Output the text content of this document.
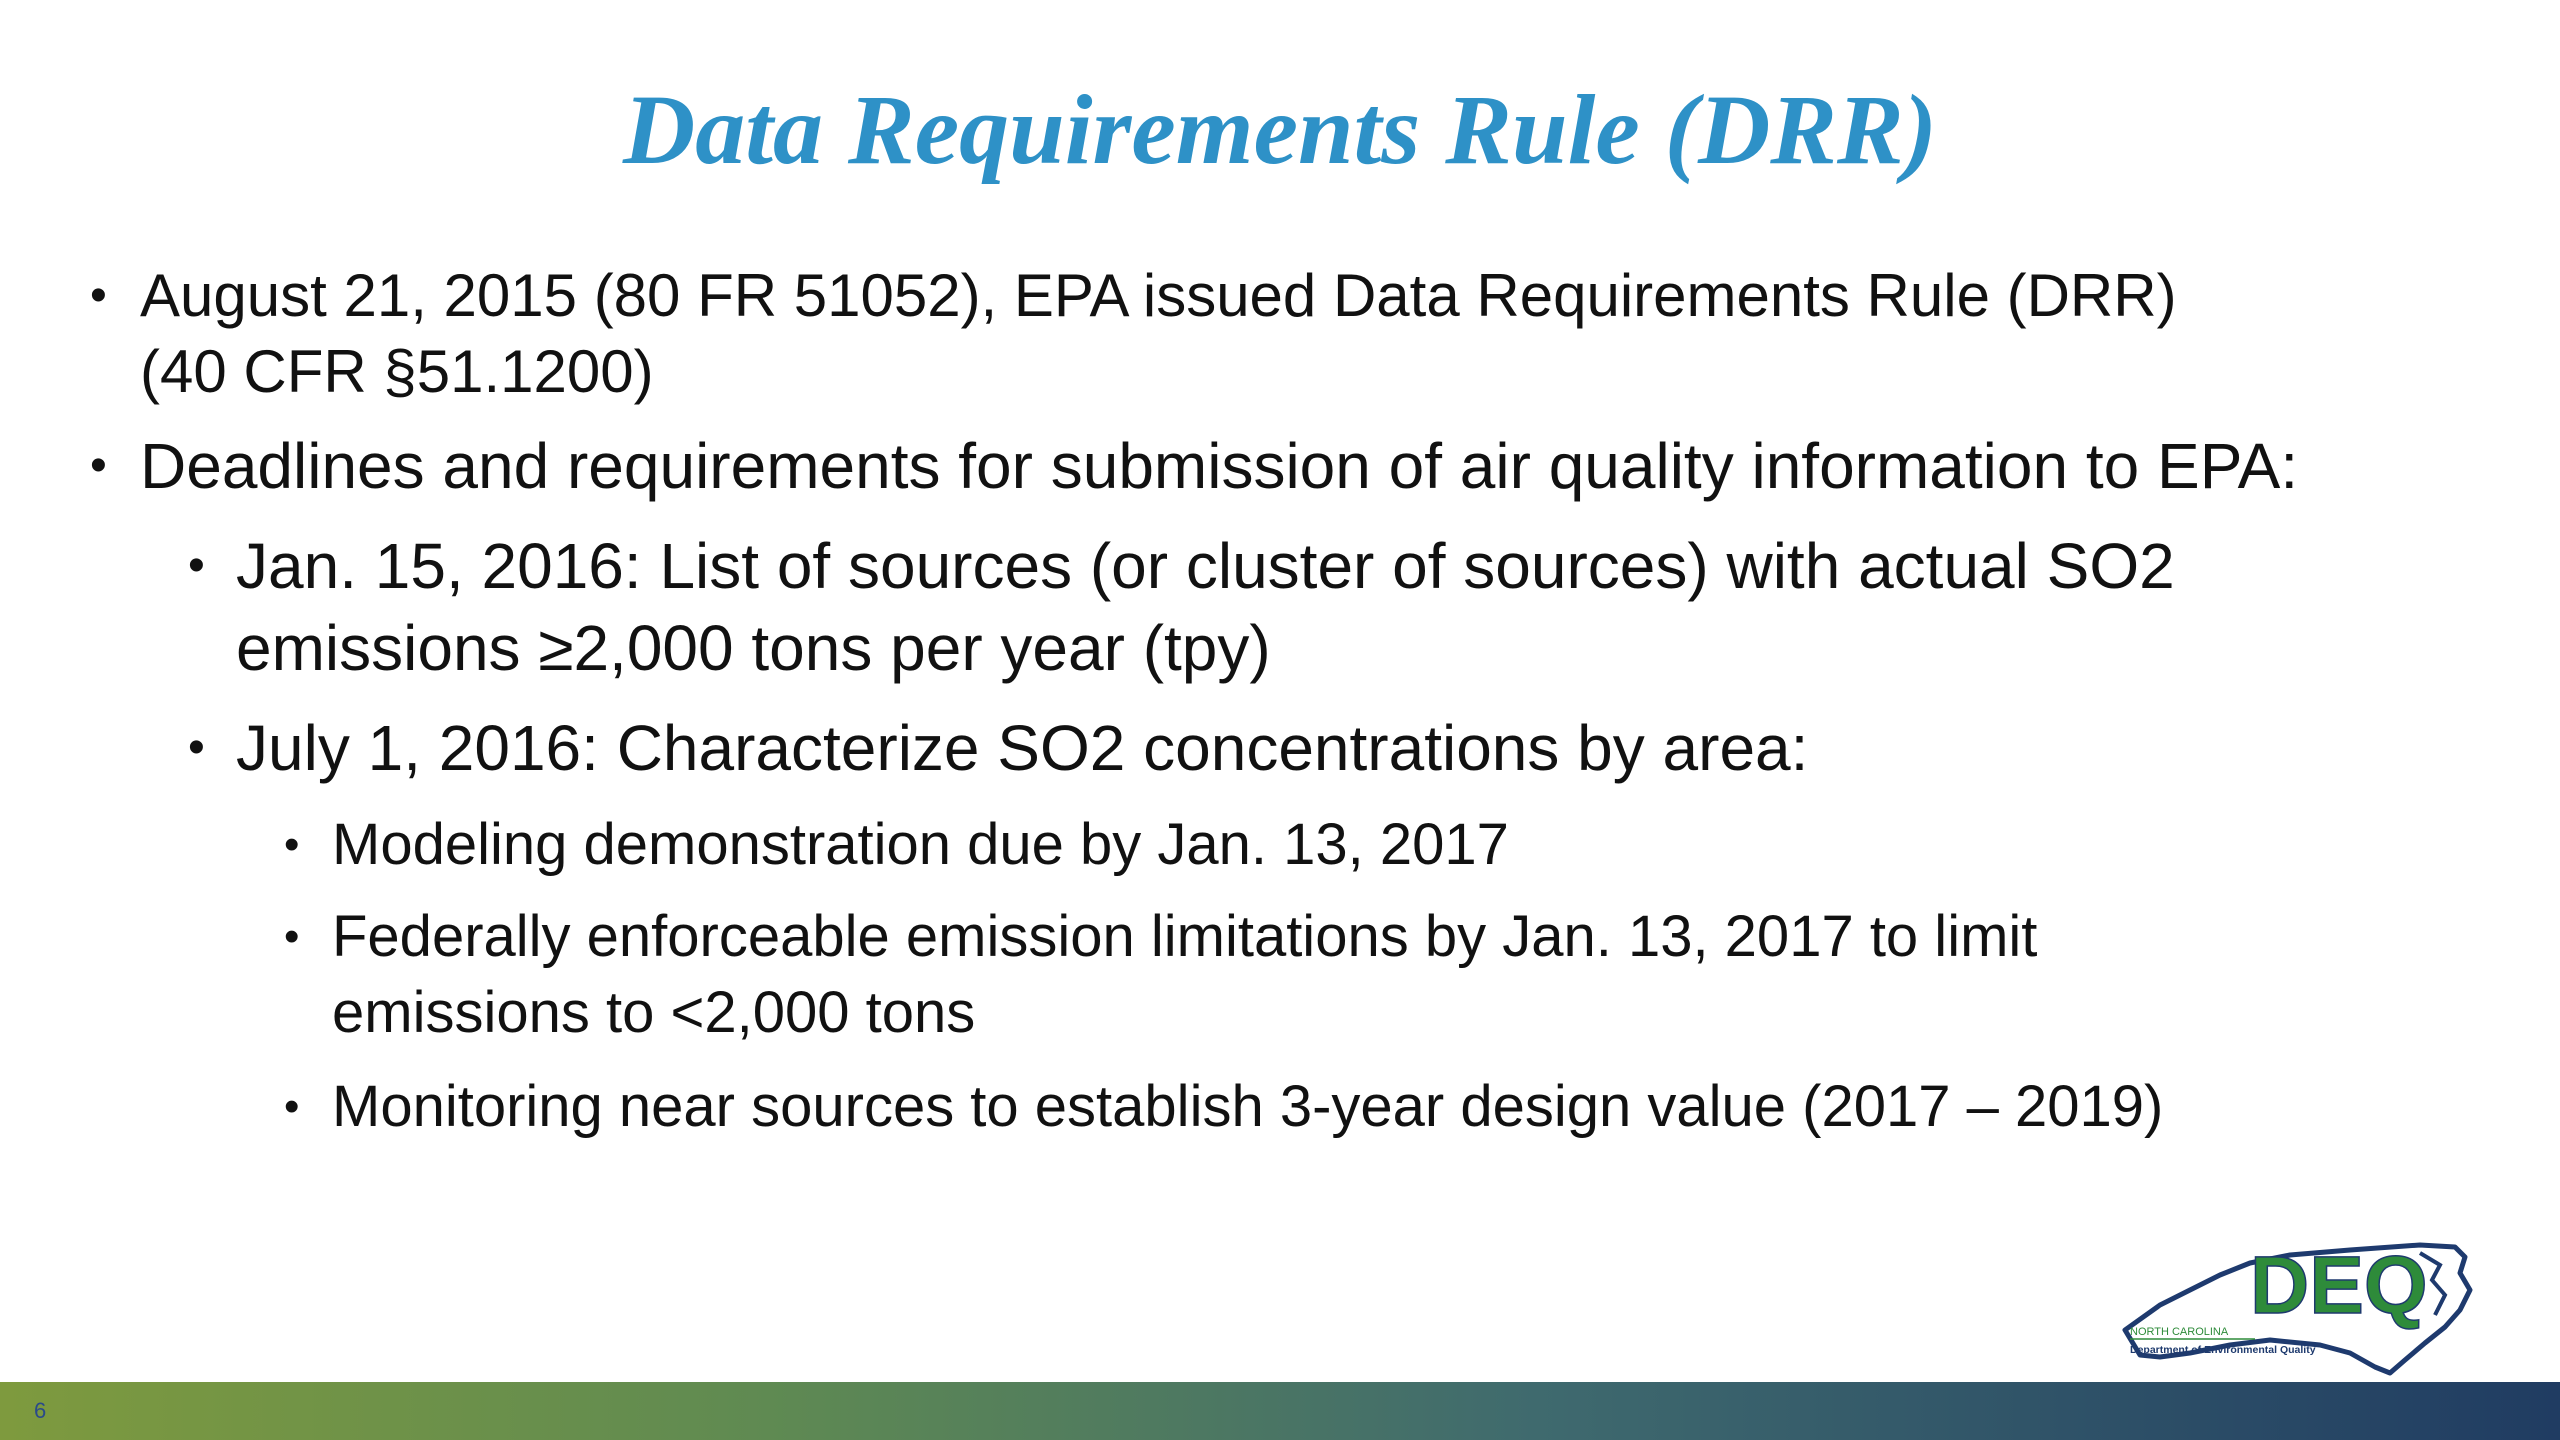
Data Requirements Rule (DRR)
• August 21, 2015 (80 FR 51052), EPA issued Data Requirements Rule (DRR)
(40 CFR §51.1200)
• Deadlines and requirements for submission of air quality information to EPA:
• Jan. 15, 2016: List of sources (or cluster of sources) with actual SO2
emissions ≥2,000 tons per year (tpy)
• July 1, 2016: Characterize SO2 concentrations by area:
• Modeling demonstration due by Jan. 13, 2017
• Federally enforceable emission limitations by Jan. 13, 2017 to limit
emissions to <2,000 tons
• Monitoring near sources to establish 3-year design value (2017 – 2019)
DEQ
NORTH CAROLINA
Department of Environmental Quality
6
